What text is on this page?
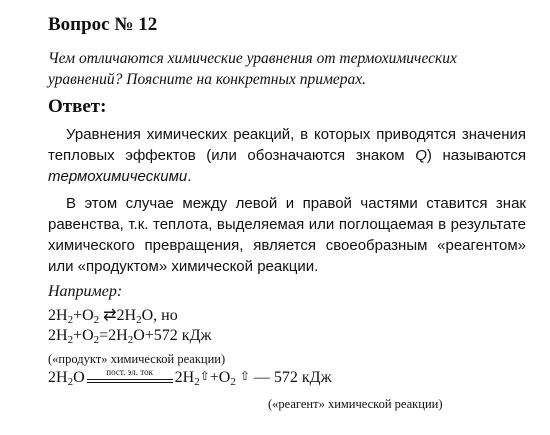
Вопрос № 12
Чем отличаются химические уравнения от термохимических уравнений? Поясните на конкретных примерах.
Ответ:
Уравнения химических реакций, в которых приводятся значения тепловых эффектов (или обозначаются знаком Q) называются термохимическими.
В этом случае между левой и правой частями ставится знак равенства, т.к. теплота, выделяемая или поглощаемая в результате химического превращения, является своеобразным «реагентом» или «продуктом» химической реакции.
Например:
$2H_2+O_2$ $⇄2H_2O$, но
$2H_2+O_2=2H_2O+572$ кДж
(«продукт» химической реакции)
$2H_2O$	пост. эл. ток	$2H_2⇧+O_2$ ⇧ — 572 кДж
(«реагент» химической реакции)
